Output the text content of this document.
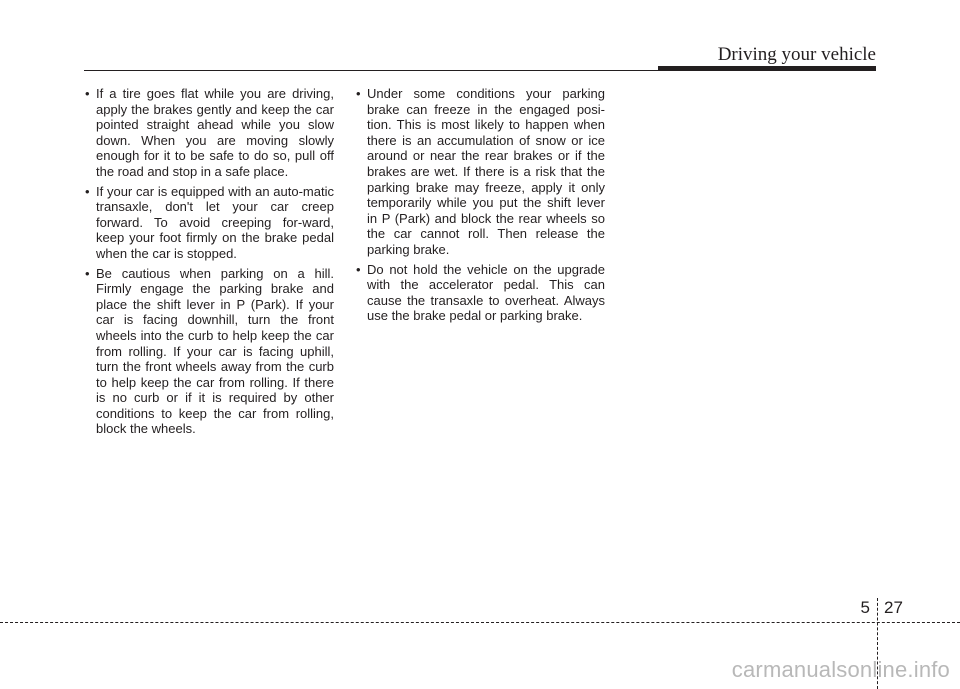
Driving your vehicle
• If a tire goes flat while you are driving, apply the brakes gently and keep the car pointed straight ahead while you slow down. When you are moving slowly enough for it to be safe to do so, pull off the road and stop in a safe place.
• If your car is equipped with an auto-matic transaxle, don't let your car creep forward. To avoid creeping for-ward, keep your foot firmly on the brake pedal when the car is stopped.
• Be cautious when parking on a hill. Firmly engage the parking brake and place the shift lever in P (Park). If your car is facing downhill, turn the front wheels into the curb to help keep the car from rolling. If your car is facing uphill, turn the front wheels away from the curb to help keep the car from rolling. If there is no curb or if it is required by other conditions to keep the car from rolling, block the wheels.
• Under some conditions your parking brake can freeze in the engaged posi-tion. This is most likely to happen when there is an accumulation of snow or ice around or near the rear brakes or if the brakes are wet. If there is a risk that the parking brake may freeze, apply it only temporarily while you put the shift lever in P (Park) and block the rear wheels so the car cannot roll. Then release the parking brake.
• Do not hold the vehicle on the upgrade with the accelerator pedal. This can cause the transaxle to overheat. Always use the brake pedal or parking brake.
5 27
carmanualsonline.info
